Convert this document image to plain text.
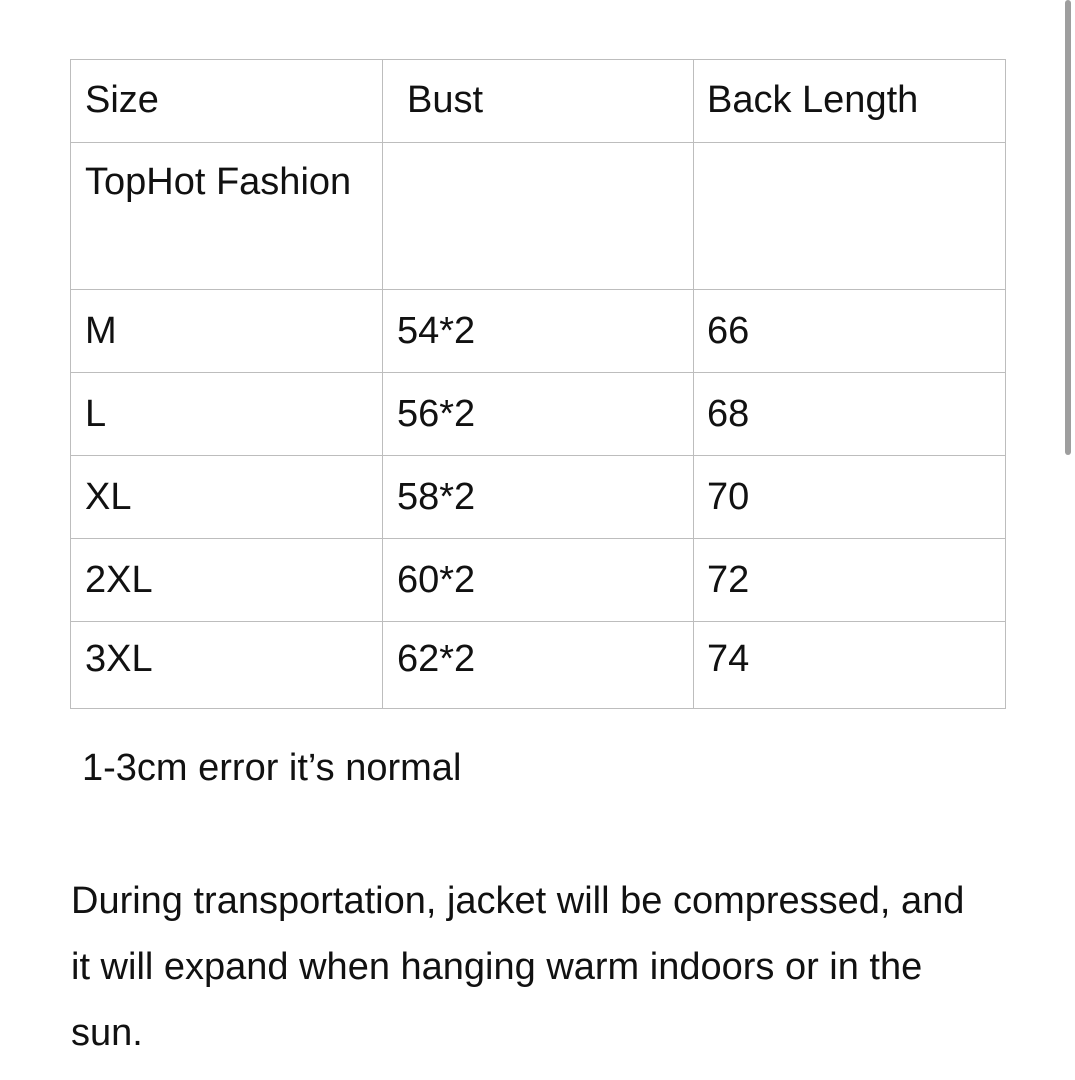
Size	Bust	Back Length
TopHot Fashion		
M	54*2	66
L	56*2	68
XL	58*2	70
2XL	60*2	72
3XL	62*2	74
1-3cm error it’s normal
During transportation, jacket will be compressed, and it will expand when hanging warm indoors or in the sun.
